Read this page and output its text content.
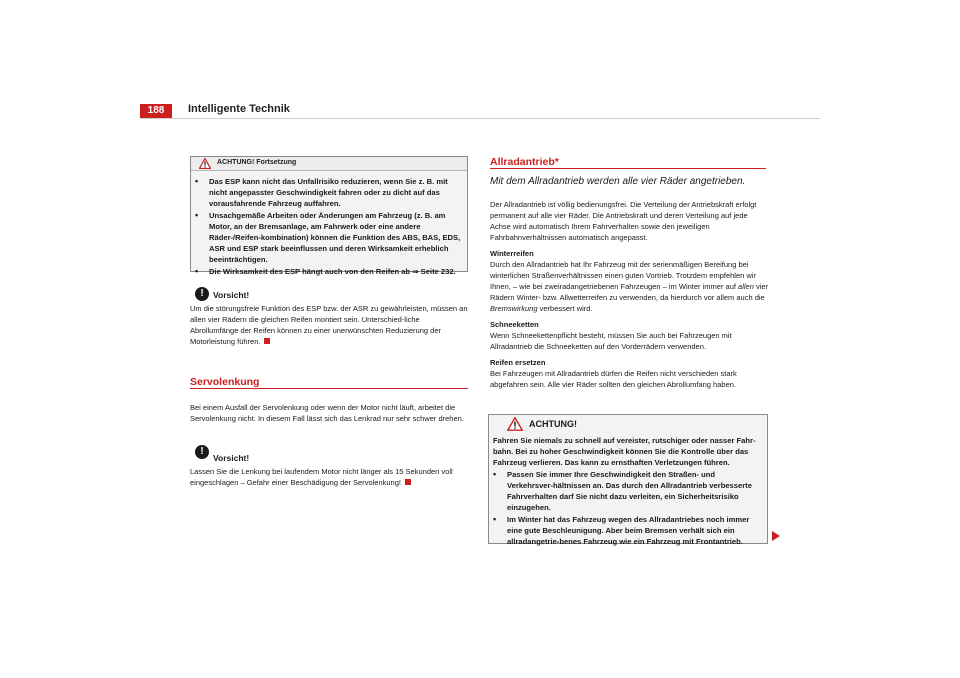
188	Intelligente Technik
ACHTUNG! Fortsetzung

• Das ESP kann nicht das Unfallrisiko reduzieren, wenn Sie z. B. mit nicht angepasster Geschwindigkeit fahren oder zu dicht auf das vorausfahrende Fahrzeug auffahren.

• Unsachgemäße Arbeiten oder Änderungen am Fahrzeug (z. B. am Motor, an der Bremsanlage, am Fahrwerk oder eine andere Räder-/Reifen-kombination) können die Funktion des ABS, BAS, EDS, ASR und ESP stark beeinflussen und deren Wirksamkeit erheblich beeinträchtigen.

• Die Wirksamkeit des ESP hängt auch von den Reifen ab ⇒ Seite 232.

!	Vorsicht!

Um die störungsfreie Funktion des ESP bzw. der ASR zu gewährleisten, müssen an allen vier Rädern die gleichen Reifen montiert sein. Unterschied-liche Abrollumfänge der Reifen können zu einer unerwünschten Reduzierung der Motorleistung führen.

Servolenkung

Bei einem Ausfall der Servolenkung oder wenn der Motor nicht läuft, arbeitet die Servolenkung nicht. In diesem Fall lässt sich das Lenkrad nur sehr schwer drehen.

!
Vorsicht!

Lassen Sie die Lenkung bei laufendem Motor nicht länger als 15 Sekunden voll eingeschlagen – Gefahr einer Beschädigung der Servolenkung!

Allradantrieb*
Mit dem Allradantrieb werden alle vier Räder angetrieben.

Der Allradantrieb ist völlig bedienungsfrei. Die Verteilung der Antriebskraft erfolgt permanent auf alle vier Räder. Die Antriebskraft und deren Verteilung auf jede Achse wird automatisch Ihrem Fahrverhalten sowie den jeweiligen Fahrbahnverhältnissen automatisch angepasst.

Winterreifen

Durch den Allradantrieb hat Ihr Fahrzeug mit der serienmäßigen Bereifung bei winterlichen Straßenverhältnissen einen guten Vortrieb. Trotzdem empfehlen wir Ihnen, – wie bei zweiradangetriebenen Fahrzeugen – im Winter immer auf allen vier Rädern Winter- bzw. Allwetterreifen zu verwenden, da hierdurch vor allem auch die Bremswirkung verbessert wird.

Schneeketten

Wenn Schneekettenpflicht besteht, müssen Sie auch bei Fahrzeugen mit Allradantrieb die Schneeketten auf den Vorderrädern verwenden.

Reifen ersetzen

Bei Fahrzeugen mit Allradantrieb dürfen die Reifen nicht verschieden stark abgefahren sein. Alle vier Räder sollten den gleichen Abrollumfang haben.

ACHTUNG!

Fahren Sie niemals zu schnell auf vereister, rutschiger oder nasser Fahr-bahn. Bei zu hoher Geschwindigkeit können Sie die Kontrolle über das Fahrzeug verlieren. Das kann zu ernsthaften Verletzungen führen.

• Passen Sie immer Ihre Geschwindigkeit den Straßen- und Verkehrsver-hältnissen an. Das durch den Allradantrieb verbesserte Fahrverhalten darf Sie nicht dazu verleiten, ein Sicherheitsrisiko einzugehen.

• Im Winter hat das Fahrzeug wegen des Allradantriebes noch immer eine gute Beschleunigung. Aber beim Bremsen verhält sich ein allradangetrie-benes Fahrzeug wie ein Fahrzeug mit Frontantrieb.
